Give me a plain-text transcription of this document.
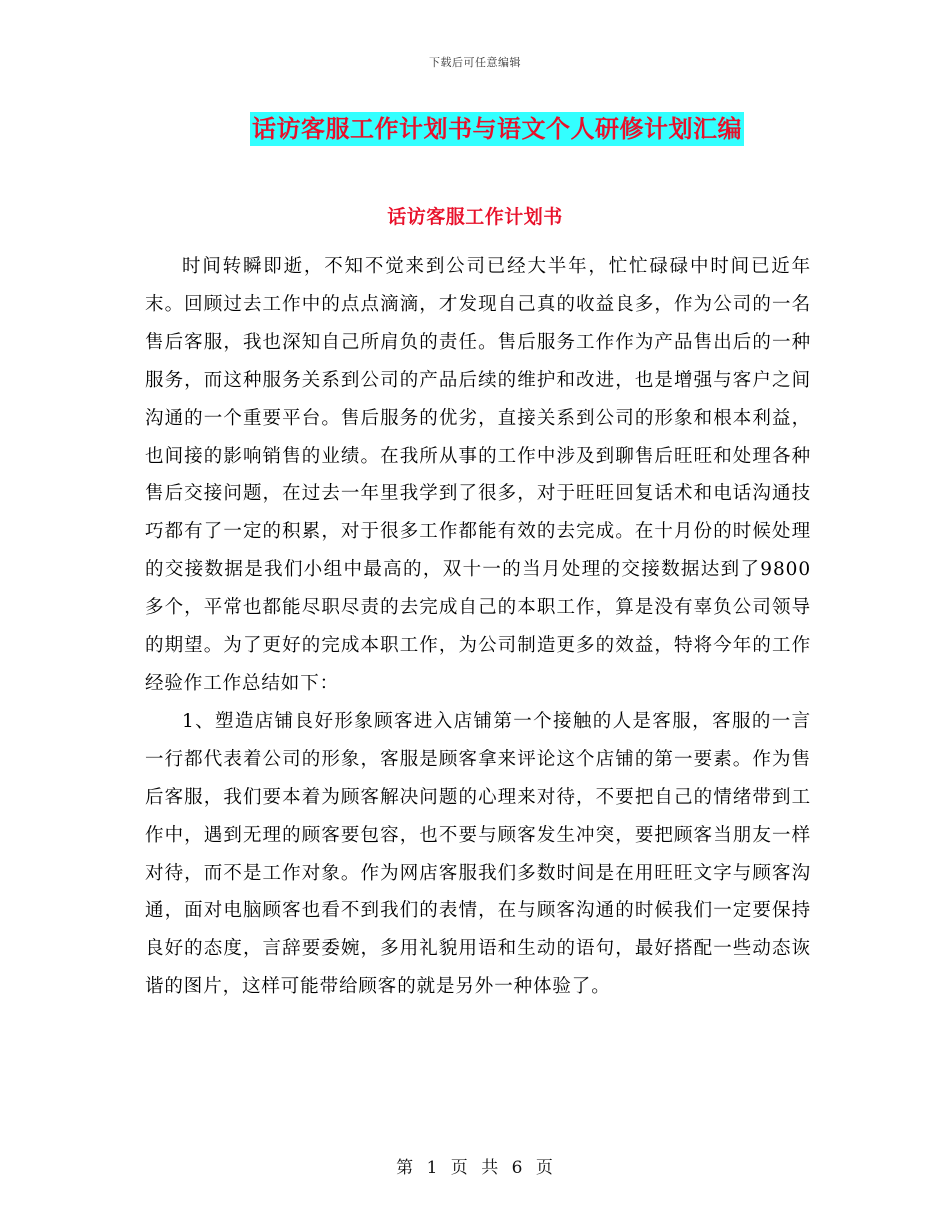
下载后可任意编辑
话访客服工作计划书与语文个人研修计划汇编
话访客服工作计划书

时间转瞬即逝，不知不觉来到公司已经大半年，忙忙碌碌中时间已近年末。回顾过去工作中的点点滴滴，才发现自己真的收益良多，作为公司的一名售后客服，我也深知自己所肩负的责任。售后服务工作作为产品售出后的一种服务，而这种服务关系到公司的产品后续的维护和改进，也是增强与客户之间沟通的一个重要平台。售后服务的优劣，直接关系到公司的形象和根本利益，也间接的影响销售的业绩。在我所从事的工作中涉及到聊售后旺旺和处理各种售后交接问题，在过去一年里我学到了很多，对于旺旺回复话术和电话沟通技巧都有了一定的积累，对于很多工作都能有效的去完成。在十月份的时候处理的交接数据是我们小组中最高的，双十一的当月处理的交接数据达到了9800多个，平常也都能尽职尽责的去完成自己的本职工作，算是没有辜负公司领导的期望。为了更好的完成本职工作，为公司制造更多的效益，特将今年的工作经验作工作总结如下：

1、塑造店铺良好形象顾客进入店铺第一个接触的人是客服，客服的一言一行都代表着公司的形象，客服是顾客拿来评论这个店铺的第一要素。作为售后客服，我们要本着为顾客解决问题的心理来对待，不要把自己的情绪带到工作中，遇到无理的顾客要包容，也不要与顾客发生冲突，要把顾客当朋友一样对待，而不是工作对象。作为网店客服我们多数时间是在用旺旺文字与顾客沟通，面对电脑顾客也看不到我们的表情，在与顾客沟通的时候我们一定要保持良好的态度，言辞要委婉，多用礼貌用语和生动的语句，最好搭配一些动态诙谐的图片，这样可能带给顾客的就是另外一种体验了。

第 1 页 共 6 页
